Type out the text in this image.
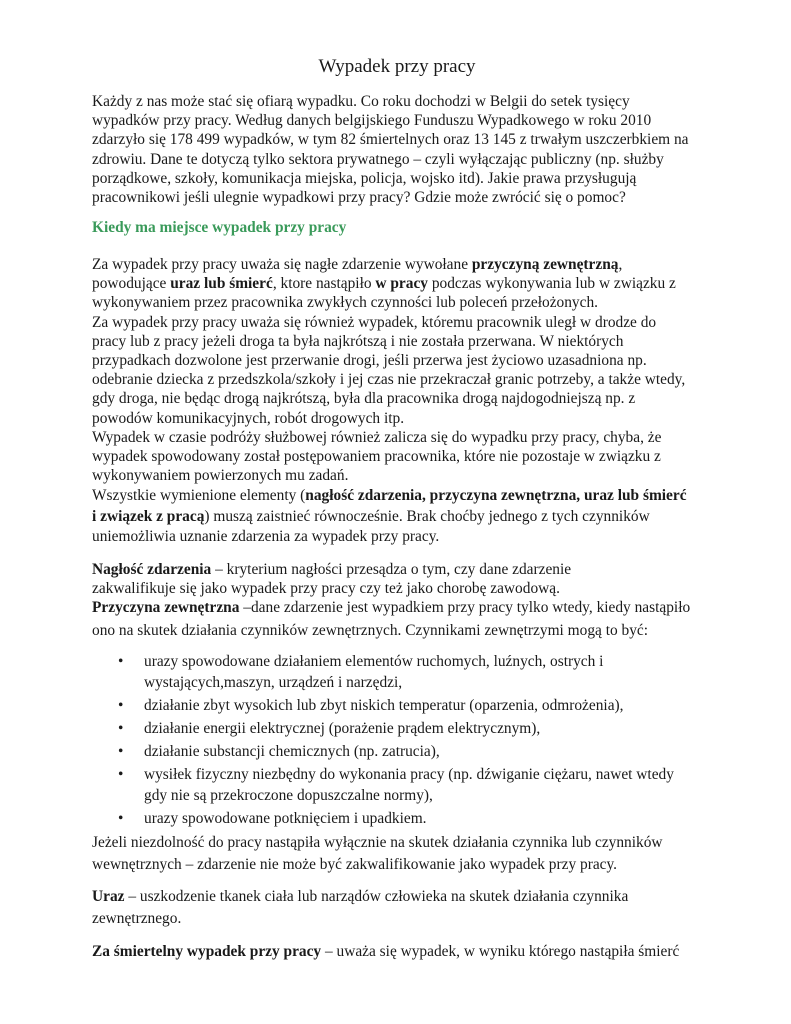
Wypadek przy pracy

Każdy z nas może stać się ofiarą wypadku. Co roku dochodzi w Belgii do setek tysięcy

wypadków przy pracy. Według danych belgijskiego Funduszu Wypadkowego w roku 2010

zdarzyło się 178 499 wypadków, w tym 82 śmiertelnych oraz 13 145 z trwałym uszczerbkiem na

zdrowiu. Dane te dotyczą tylko sektora prywatnego – czyli wyłączając publiczny (np. służby

porządkowe, szkoły, komunikacja miejska, policja, wojsko itd). Jakie prawa przysługują

pracownikowi jeśli ulegnie wypadkowi przy pracy? Gdzie może zwrócić się o pomoc?

Kiedy ma miejsce wypadek przy pracy

Za wypadek przy pracy uważa się nagłe zdarzenie wywołane przyczyną zewnętrzną,

powodujące uraz lub śmierć, ktore nastąpiło w pracy podczas wykonywania lub w związku z

wykonywaniem przez pracownika zwykłych czynności lub poleceń przełożonych.

Za wypadek przy pracy uważa się również wypadek, któremu pracownik uległ w drodze do

pracy lub z pracy jeżeli droga ta była najkrótszą i nie została przerwana. W niektórych

przypadkach dozwolone jest przerwanie drogi, jeśli przerwa jest życiowo uzasadniona np.

odebranie dziecka z przedszkola/szkoły i jej czas nie przekraczał granic potrzeby, a także wtedy,

gdy droga, nie będąc drogą najkrótszą, była dla pracownika drogą najdogodniejszą np. z

powodów komunikacyjnych, robót drogowych itp.

Wypadek w czasie podróży służbowej również zalicza się do wypadku przy pracy, chyba, że

wypadek spowodowany został postępowaniem pracownika, które nie pozostaje w związku z

wykonywaniem powierzonych mu zadań.

Wszystkie wymienione elementy (nagłość zdarzenia, przyczyna zewnętrzna, uraz lub śmierć

i związek z pracą) muszą zaistnieć równocześnie. Brak choćby jednego z tych czynników

uniemożliwia uznanie zdarzenia za wypadek przy pracy.

Nagłość zdarzenia – kryterium nagłości przesądza o tym, czy dane zdarzenie

zakwalifikuje się jako wypadek przy pracy czy też jako chorobę zawodową.

Przyczyna zewnętrzna –dane zdarzenie jest wypadkiem przy pracy tylko wtedy, kiedy nastąpiło

ono na skutek działania czynników zewnętrznych. Czynnikami zewnętrzymi mogą to być:

• urazy spowodowane działaniem elementów ruchomych, luźnych, ostrych i
wystających,maszyn, urządzeń i narzędzi,
• działanie zbyt wysokich lub zbyt niskich temperatur (oparzenia, odmrożenia),
• działanie energii elektrycznej (porażenie prądem elektrycznym),
• działanie substancji chemicznych (np. zatrucia),
• wysiłek fizyczny niezbędny do wykonania pracy (np. dźwiganie ciężaru, nawet wtedy
gdy nie są przekroczone dopuszczalne normy),
• urazy spowodowane potknięciem i upadkiem.

Jeżeli niezdolność do pracy nastąpiła wyłącznie na skutek działania czynnika lub czynników

wewnętrznych – zdarzenie nie może być zakwalifikowanie jako wypadek przy pracy.

Uraz – uszkodzenie tkanek ciała lub narządów człowieka na skutek działania czynnika

zewnętrznego.

Za śmiertelny wypadek przy pracy – uważa się wypadek, w wyniku którego nastąpiła śmierć
